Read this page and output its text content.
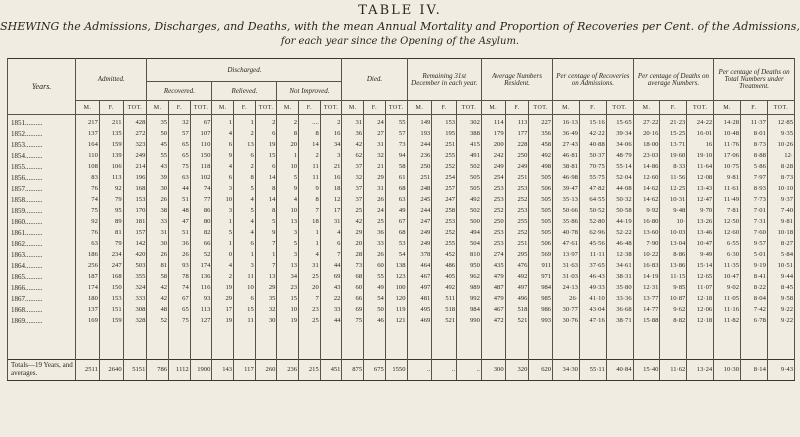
TABLE IV.
SHEWING the Admissions, Discharges, and Deaths, with the mean Annual Mortality and Proportion of Recoveries per Cent. of the Admissions,
for each year since the Opening of the Asylum.
Years.	Admitted.			Discharged.									Died.			Remaining 31st December in each year.			Average Numbers Resident.			Per centage of Recoveries on Admissions.			Per centage of Deaths on average Numbers.			Per centage of Deaths on Total Numbers under Treatment.		
				Recovered.			Relieved.			Not Improved.																				
	M.	F.	TOT.	M.	F.	TOT.	M.	F.	TOT.	M.	F.	TOT.	M.	F.	TOT.	M.	F.	TOT.	M.	F.	TOT.	M.	F.	TOT.	M.	F.	TOT.	M.	F.	TOT.
1851..........	217	211	428	35	32	67	1	1	2	2	....	2	31	24	55	149	153	302	114	113	227	16·13	15·16	15·65	27·22	21·23	24·22	14·28	11·37	12·85
1852..........	137	135	272	50	57	107	4	2	6	8	8	16	36	27	57	193	195	388	179	177	356	36·49	42·22	39·34	20·16	15·25	16·01	10·48	8·01	9·35
1853..........	164	159	323	45	65	110	6	13	19	20	14	34	42	31	73	244	251	415	200	228	458	27·43	40·88	34·06	18·00	13·71	16	11·76	8·73	10·26
1854..........	110	139	249	55	65	150	9	6	15	1	2	3	62	32	94	236	255	491	242	250	492	46·81	50·37	48·79	23·03	19·60	19·10	17·06	8·88	12·
1855..........	108	106	214	43	75	118	4	2	6	10	11	21	37	21	58	250	252	502	249	249	498	38·81	70·75	55·14	14·86	8·33	11·64	10·75	5·86	8·28
1856..........	83	113	196	39	63	102	6	8	14	5	11	16	32	29	61	251	254	505	254	251	505	46·98	55·75	52·04	12·60	11·56	12·08	9·81	7·97	8·73
1857..........	76	92	168	30	44	74	3	5	8	9	9	18	37	31	68	248	257	505	253	253	506	39·47	47·82	44·08	14·62	12·25	13·43	11·61	8·93	10·10
1858..........	74	79	153	26	51	77	10	4	14	4	8	12	37	26	63	245	247	492	253	252	505	35·13	64·55	50·32	14·62	10·31	12·47	11·49	7·73	9·37
1859..........	75	95	170	38	48	86	3	5	8	10	7	17	25	24	49	244	258	502	252	253	505	50·66	50·52	50·58	9·92	9·48	9·70	7·81	7·01	7·40
1860..........	92	89	181	33	47	80	1	4	5	13	18	31	42	25	67	247	253	500	250	255	505	35·86	52·80	44·19	16·80	10·	13·26	12·50	7·31	9·81
1861..........	76	81	157	31	51	82	5	4	9	3	1	4	29	36	68	249	252	494	253	252	505	40·78	62·96	52·22	13·60	10·03	13·46	12·60	7·60	10·18
1862..........	63	79	142	30	36	66	1	6	7	5	1	6	20	33	53	249	255	504	253	251	506	47·61	45·56	46·48	7·90	13·04	10·47	6·55	9·57	8·27
1863..........	186	234	420	26	26	52	0	1	1	3	4	7	28	26	54	378	452	810	274	295	569	13·97	11·11	12·38	10·22	8·86	9·49	6·30	5·01	5·84
1864..........	256	247	503	81	93	174	4	3	7	13	31	44	73	60	138	464	486	950	435	476	911	31·63	37·65	34·61	16·83	13·86	15·14	11·35	9·19	10·51
1865..........	187	168	355	58	78	136	2	11	13	34	25	69	68	55	123	467	405	962	479	492	971	31·03	46·43	38·31	14·19	11·15	12·65	10·47	8·41	9·44
1866..........	174	150	324	42	74	116	19	10	29	23	20	43	60	49	100	497	492	989	487	497	984	24·13	49·33	35·80	12·31	9·85	11·07	9·02	8·22	8·45
1867..........	180	153	333	42	67	93	29	6	35	15	7	22	66	54	120	481	511	992	479	496	985	26·	41·10	33·36	13·77	10·87	12·18	11·05	8·04	9·58
1868..........	137	151	308	48	65	113	17	15	32	10	23	33	69	50	119	495	518	984	467	518	986	30·77	43·04	36·68	14·77	9·62	12·06	11·16	7·42	9·22
1869..........	169	159	328	52	75	127	19	11	30	19	25	44	75	46	121	469	521	990	472	521	993	30·76	47·16	38·71	15·88	8·82	12·18	11·82	6·78	9·22

Totals—19 Years, and averages.	2511	2640	5151	786	1112	1900	143	117	260	236	215	451	875	675	1550	..	..	..	300	320	620	34·30	55·11	40·84	15·40	11·62	13·24	10·30	8·14	9·43
